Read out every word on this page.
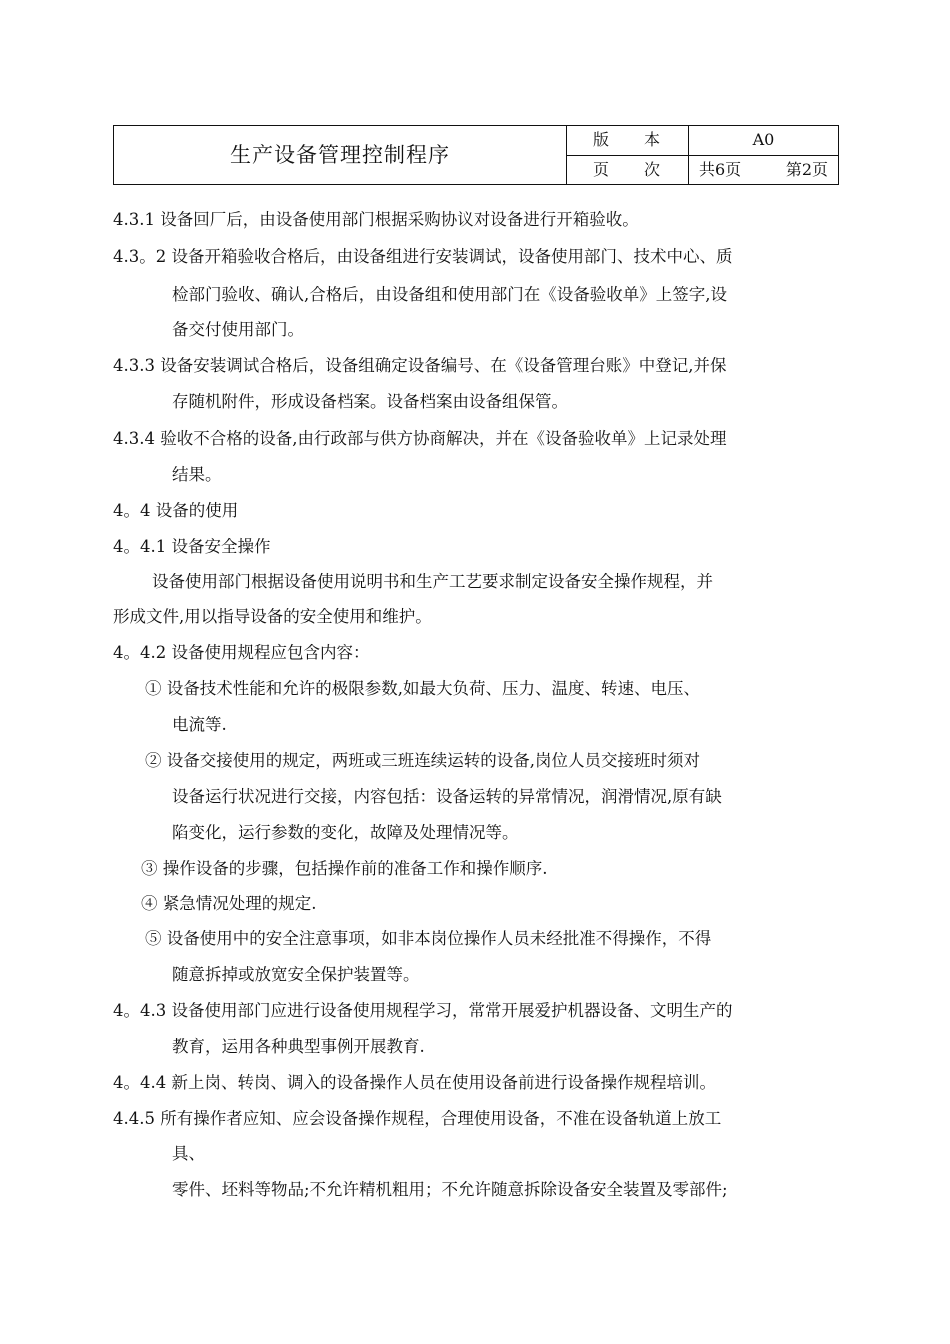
生产设备管理控制程序	版 本	A0

	页 次	共6页 第2页
4.3.1 设备回厂后，由设备使用部门根据采购协议对设备进行开箱验收。
4.3。2 设备开箱验收合格后，由设备组进行安装调试，设备使用部门、技术中心、质
检部门验收、确认,合格后，由设备组和使用部门在《设备验收单》上签字,设
备交付使用部门。
4.3.3 设备安装调试合格后，设备组确定设备编号、在《设备管理台账》中登记,并保
存随机附件，形成设备档案。设备档案由设备组保管。
4.3.4 验收不合格的设备,由行政部与供方协商解决，并在《设备验收单》上记录处理
结果。
4。4 设备的使用
4。4.1 设备安全操作
设备使用部门根据设备使用说明书和生产工艺要求制定设备安全操作规程，并
形成文件,用以指导设备的安全使用和维护。
4。4.2 设备使用规程应包含内容：
① 设备技术性能和允许的极限参数,如最大负荷、压力、温度、转速、电压、
电流等.
② 设备交接使用的规定，两班或三班连续运转的设备,岗位人员交接班时须对
设备运行状况进行交接，内容包括：设备运转的异常情况，润滑情况,原有缺
陷变化，运行参数的变化，故障及处理情况等。
③ 操作设备的步骤，包括操作前的准备工作和操作顺序.
④ 紧急情况处理的规定.
⑤ 设备使用中的安全注意事项，如非本岗位操作人员未经批准不得操作，不得
随意拆掉或放宽安全保护装置等。
4。4.3 设备使用部门应进行设备使用规程学习，常常开展爱护机器设备、文明生产的
教育，运用各种典型事例开展教育.
4。4.4 新上岗、转岗、调入的设备操作人员在使用设备前进行设备操作规程培训。
4.4.5 所有操作者应知、应会设备操作规程，合理使用设备，不准在设备轨道上放工
具、
零件、坯料等物品;不允许精机粗用；不允许随意拆除设备安全装置及零部件;
